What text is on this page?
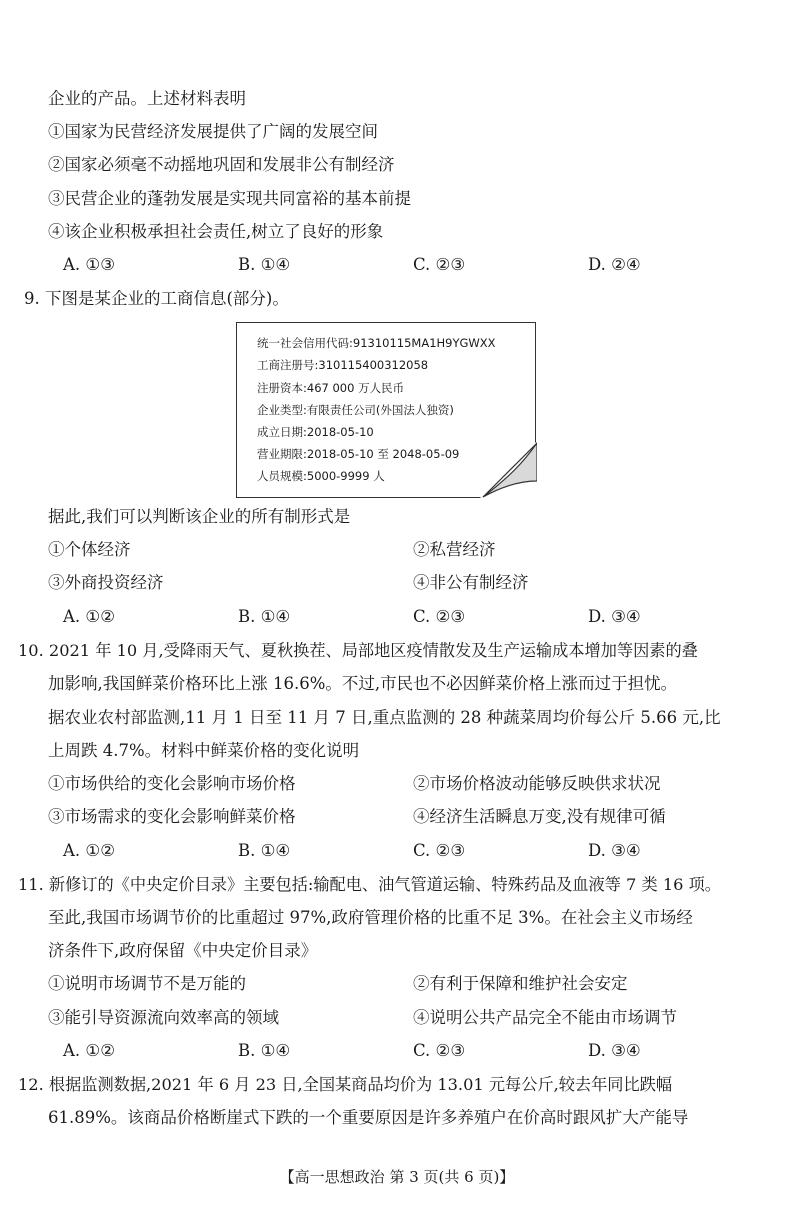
企业的产品。上述材料表明
①国家为民营经济发展提供了广阔的发展空间
②国家必须毫不动摇地巩固和发展非公有制经济
③民营企业的蓬勃发展是实现共同富裕的基本前提
④该企业积极承担社会责任,树立了良好的形象
A. ①③	B. ①④	C. ②③	D. ②④
9. 下图是某企业的工商信息(部分)。
统一社会信用代码:91310115MA1H9YGWXX
工商注册号:310115400312058
注册资本:467 000 万人民币
企业类型:有限责任公司(外国法人独资)
成立日期:2018-05-10
营业期限:2018-05-10 至 2048-05-09
人员规模:5000-9999 人
据此,我们可以判断该企业的所有制形式是
①个体经济	②私营经济
③外商投资经济	④非公有制经济
A. ①②	B. ①④	C. ②③	D. ③④
10. 2021 年 10 月,受降雨天气、夏秋换茬、局部地区疫情散发及生产运输成本增加等因素的叠
加影响,我国鲜菜价格环比上涨 16.6%。不过,市民也不必因鲜菜价格上涨而过于担忧。
据农业农村部监测,11 月 1 日至 11 月 7 日,重点监测的 28 种蔬菜周均价每公斤 5.66 元,比
上周跌 4.7%。材料中鲜菜价格的变化说明
①市场供给的变化会影响市场价格	②市场价格波动能够反映供求状况
③市场需求的变化会影响鲜菜价格	④经济生活瞬息万变,没有规律可循
A. ①②	B. ①④	C. ②③	D. ③④
11. 新修订的《中央定价目录》主要包括:输配电、油气管道运输、特殊药品及血液等 7 类 16 项。
至此,我国市场调节价的比重超过 97%,政府管理价格的比重不足 3%。在社会主义市场经
济条件下,政府保留《中央定价目录》
①说明市场调节不是万能的	②有利于保障和维护社会安定
③能引导资源流向效率高的领域	④说明公共产品完全不能由市场调节
A. ①②	B. ①④	C. ②③	D. ③④
12. 根据监测数据,2021 年 6 月 23 日,全国某商品均价为 13.01 元每公斤,较去年同比跌幅
61.89%。该商品价格断崖式下跌的一个重要原因是许多养殖户在价高时跟风扩大产能导
【高一思想政治 第 3 页(共 6 页)】
